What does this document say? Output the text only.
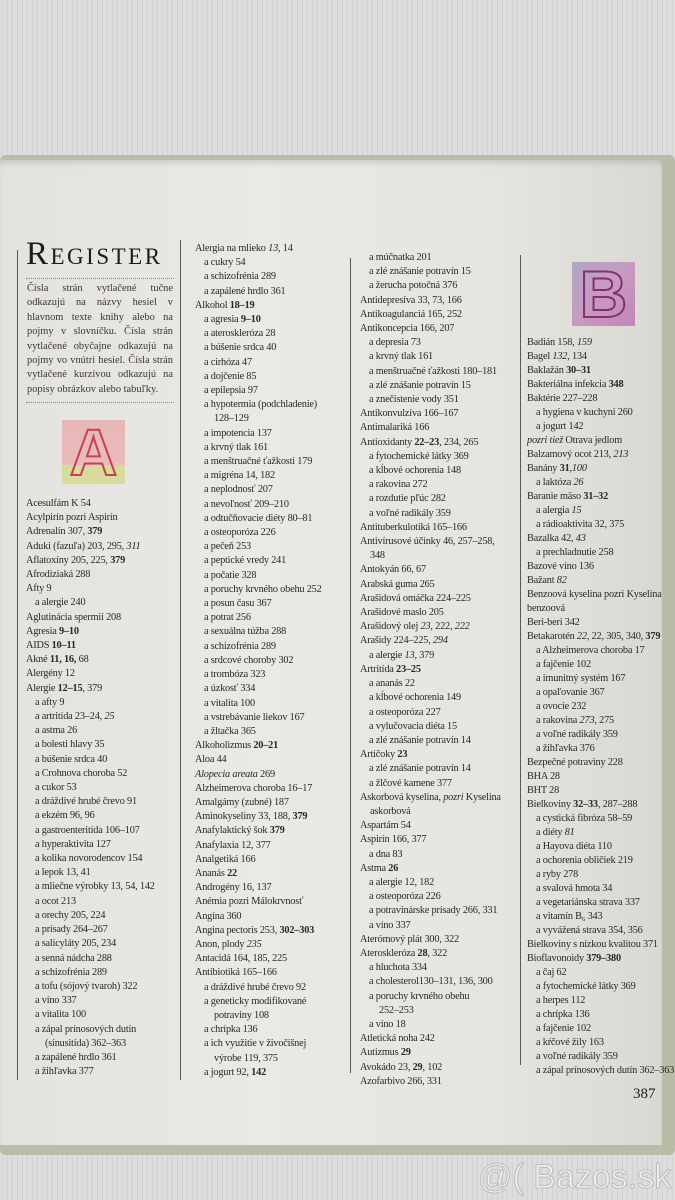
Register
Čísla strán vytlačené tučne odkazujú na názvy hesiel v hlavnom texte knihy alebo na pojmy v slovníčku. Čísla strán vytlačené obyčajne odkazujú na pojmy vo vnútri hesiel. Čísla strán vytlačené kurzívou odkazujú na popisy obrázkov alebo tabuľky.
A
B
Acesulfám K 54
Acylpirín pozri Aspirín
Adrenalín 307, 379
Aduki (fazuľa) 203, 295, 311
Aflatoxíny 205, 225, 379
Afrodiziaká 288
Afty 9
a alergie 240
Aglutinácia spermií 208
Agresia 9–10
AIDS 10–11
Akné 11, 16, 68
Alergény 12
Alergie 12–15, 379
a afty 9
a artritída 23–24, 25
a astma 26
a bolesti hlavy 35
a búšenie srdca 40
a Crohnova choroba 52
a cukor 53
a dráždivé hrubé črevo 91
a ekzém 96, 96
a gastroenteritída 106–107
a hyperaktivita 127
a kolika novorodencov 154
a lepok 13, 41
a mliečne výrobky 13, 54, 142
a ocot 213
a orechy 205, 224
a prísady 264–267
a salicyláty 205, 234
a senná nádcha 288
a schizofrénia 289
a tofu (sójový tvaroh) 322
a víno 337
a vitalita 100
a zápal prínosových dutín
(sínusitída) 362–363
a zapálené hrdlo 361
a žihľavka 377
Alergia na mlieko 13, 14
a cukry 54
a schizofrénia 289
a zapálené hrdlo 361
Alkohol 18–19
a agresia 9–10
a ateroskleróza 28
a búšenie srdca 40
a cirhóza 47
a dojčenie 85
a epilepsia 97
a hypotermia (podchladenie)
128–129
a impotencia 137
a krvný tlak 161
a menštruačné ťažkosti 179
a migréna 14, 182
a neplodnosť 207
a nevoľnosť 209–210
a odtučňovacie diéty 80–81
a osteoporóza 226
a pečeň 253
a peptické vredy 241
a počatie 328
a poruchy krvného obehu 252
a posun času 367
a potrat 256
a sexuálna túžba 288
a schizofrénia 289
a srdcové choroby 302
a trombóza 323
a úzkosť 334
a vitalita 100
a vstrebávanie liekov 167
a žltačka 365
Alkoholizmus 20–21
Aloa 44
Alopecia areata 269
Alzheimerova choroba 16–17
Amalgámy (zubné) 187
Aminokyseliny 33, 188, 379
Anafylaktický šok 379
Anafylaxia 12, 377
Analgetiká 166
Ananás 22
Androgény 16, 137
Anémia pozri Málokrvnosť
Angína 360
Angina pectoris 253, 302–303
Anon, plody 235
Antacidá 164, 185, 225
Antibiotiká 165–166
a dráždivé hrubé črevo 92
a geneticky modifikované
potraviny 108
a chrípka 136
a ich využitie v živočíšnej
výrobe 119, 375
a jogurt 92, 142
a múčnatka 201
a zlé znášanie potravín 15
a žerucha potočná 376
Antidepresíva 33, 73, 166
Antikoagulanciá 165, 252
Antikoncepcia 166, 207
a depresia 73
a krvný tlak 161
a menštruačné ťažkosti 180–181
a zlé znášanie potravín 15
a znečistenie vody 351
Antikonvulzíva 166–167
Antimalariká 166
Antioxidanty 22–23, 234, 265
a fytochemické látky 369
a kĺbové ochorenia 148
a rakovina 272
a rozdutie pľúc 282
a voľné radikály 359
Antituberkulotiká 165–166
Antivírusové účinky 46, 257–258,
348
Antokyán 66, 67
Arabská guma 265
Arašidová omáčka 224–225
Arašidové maslo 205
Arašidový olej 23, 222, 222
Arašidy 224–225, 294
a alergie 13, 379
Artritída 23–25
a ananás 22
a kĺbové ochorenia 149
a osteoporóza 227
a vylučovacia diéta 15
a zlé znášanie potravín 14
Artičoky 23
a zlé znášanie potravín 14
a žlčové kamene 377
Askorbová kyselina, pozri Kyselina
askorbová
Aspartám 54
Aspirín 166, 377
a dna 83
Astma 26
a alergie 12, 182
a osteoporóza 226
a potravinárske prísady 266, 331
a víno 337
Aterómový plát 300, 322
Ateroskleróza 28, 322
a hluchota 334
a cholesterol130–131, 136, 300
a poruchy krvného obehu
252–253
a víno 18
Atletická noha 242
Autizmus 29
Avokádo 23, 29, 102
Azofarbivo 266, 331
Badián 158, 159
Bagel 132, 134
Baklažán 30–31
Bakteriálna infekcia 348
Baktérie 227–228
a hygiena v kuchyni 260
a jogurt 142
pozri tiež Otrava jedlom
Balzamový ocot 213, 213
Banány 31,100
a laktóza 26
Baranie mäso 31–32
a alergia 15
a rádioaktivita 32, 375
Bazalka 42, 43
a prechladnutie 258
Bazové víno 136
Bažant 82
Benzoová kyselina pozri Kyselina
benzoová
Beri-beri 342
Betakarotén 22, 22, 305, 340, 379
a Alzheimerova choroba 17
a fajčenie 102
a imunitný systém 167
a opaľovanie 367
a ovocie 232
a rakovina 273, 275
a voľné radikály 359
a žihľavka 376
Bezpečné potraviny 228
BHA 28
BHT 28
Bielkoviny 32–33, 287–288
a cystická fibróza 58–59
a diéty 81
a Hayova diéta 110
a ochorenia obličiek 219
a ryby 278
a svalová hmota 34
a vegetariánska strava 337
a vitamín B₆ 343
a vyvážená strava 354, 356
Bielkoviny s nízkou kvalitou 371
Bioflavonoidy 379–380
a čaj 62
a fytochemické látky 369
a herpes 112
a chrípka 136
a fajčenie 102
a kŕčové žily 163
a voľné radikály 359
a zápal prínosových dutín 362–363
387
@( Bazos.sk
